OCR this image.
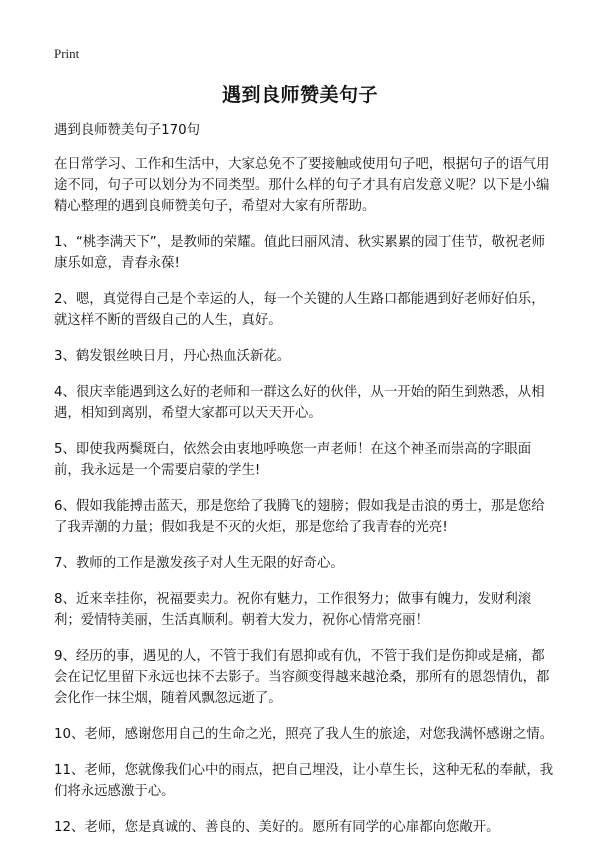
Print
遇到良师赞美句子

遇到良师赞美句子170句

在日常学习、工作和生活中，大家总免不了要接触或使用句子吧，根据句子的语气用途不同，句子可以划分为不同类型。那什么样的句子才具有启发意义呢？以下是小编精心整理的遇到良师赞美句子，希望对大家有所帮助。

1、“桃李满天下”，是教师的荣耀。值此曰丽风清、秋实累累的园丁佳节，敬祝老师康乐如意，青春永葆!

2、嗯，真觉得自己是个幸运的人，每一个关键的人生路口都能遇到好老师好伯乐，就这样不断的晋级自己的人生，真好。

3、鹤发银丝映日月，丹心热血沃新花。

4、很庆幸能遇到这么好的老师和一群这么好的伙伴，从一开始的陌生到熟悉，从相遇，相知到离别，希望大家都可以天天开心。

5、即使我两鬓斑白，依然会由衷地呼唤您一声老师！在这个神圣而崇高的字眼面前，我永远是一个需要启蒙的学生!

6、假如我能搏击蓝天，那是您给了我腾飞的翅膀；假如我是击浪的勇士，那是您给了我弄潮的力量；假如我是不灭的火炬，那是您给了我青春的光亮!

7、教师的工作是激发孩子对人生无限的好奇心。

8、近来幸挂你，祝福要卖力。祝你有魅力，工作很努力；做事有魄力，发财利滚利；爱情特美丽，生活真顺利。朝着大发力，祝你心情常亮丽！

9、经历的事，遇见的人，不管于我们有恩抑或有仇，不管于我们是伤抑或是痛，都会在记忆里留下永远也抹不去影子。当容颜变得越来越沧桑，那所有的恩怨情仇，都会化作一抹尘烟，随着风飘忽远逝了。

10、老师，感谢您用自己的生命之光，照亮了我人生的旅途，对您我满怀感谢之情。

11、老师，您就像我们心中的雨点，把自己埋没，让小草生长，这种无私的奉献，我们将永远感激于心。

12、老师，您是真诚的、善良的、美好的。愿所有同学的心扉都向您敞开。
